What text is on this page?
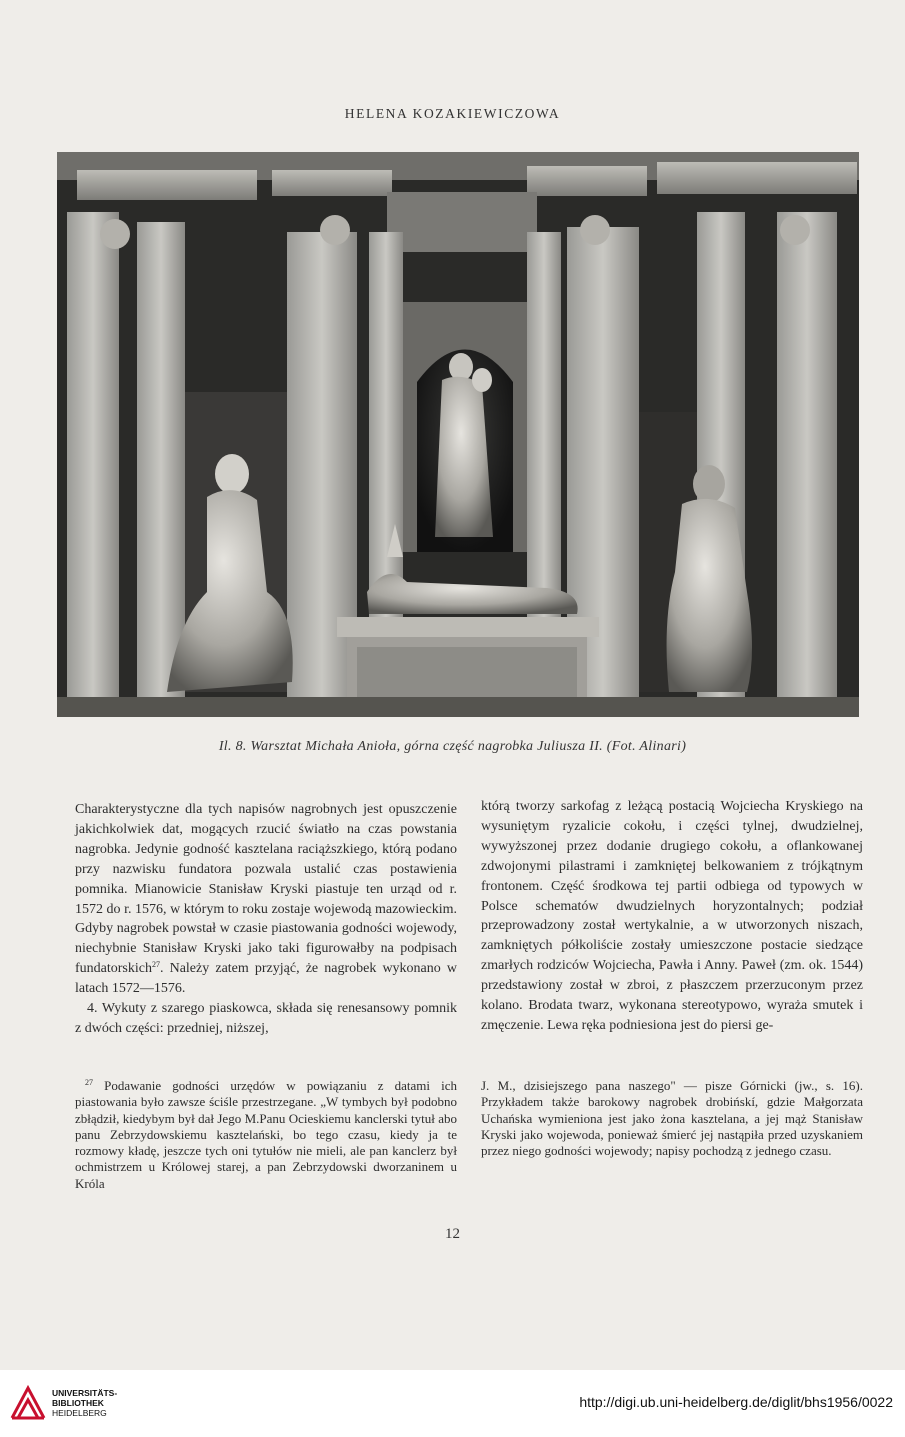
HELENA KOZAKIEWICZOWA
Il. 8. Warsztat Michała Anioła, górna część nagrobka Juliusza II. (Fot. Alinari)

Charakterystyczne dla tych napisów nagrobnych jest opuszczenie jakichkolwiek dat, mogących rzucić światło na czas powstania nagrobka. Jedynie godność kasztelana raciąższkiego, którą podano przy nazwisku fundatora pozwala ustalić czas postawienia pomnika. Mianowicie Stanisław Kryski piastuje ten urząd od r. 1572 do r. 1576, w którym to roku zostaje wojewodą mazowieckim. Gdyby nagrobek powstał w czasie piastowania godności wojewody, niechybnie Stanisław Kryski jako taki figurowałby na podpisach fundatorskich$^{27}$. Należy zatem przyjąć, że nagrobek wykonano w latach 1572—1576.

4. Wykuty z szarego piaskowca, składa się renesansowy pomnik z dwóch części: przedniej, niższej,

którą tworzy sarkofag z leżącą postacią Wojciecha Kryskiego na wysuniętym ryzalicie cokołu, i części tylnej, dwudzielnej, wywyższonej przez dodanie drugiego cokołu, a oflankowanej zdwojonymi pilastrami i zamkniętej belkowaniem z trójkątnym frontonem. Część środkowa tej partii odbiega od typowych w Polsce schematów dwudzielnych horyzontalnych; podział przeprowadzony został wertykalnie, a w utworzonych niszach, zamkniętych półkoliście zostały umieszczone postacie siedzące zmarłych rodziców Wojciecha, Pawła i Anny. Paweł (zm. ok. 1544) przedstawiony został w zbroi, z płaszczem przerzuconym przez kolano. Brodata twarz, wykonana stereotypowo, wyraża smutek i zmęczenie. Lewa ręka podniesiona jest do piersi ge-

$^{27}$ Podawanie godności urzędów w powiązaniu z datami ich piastowania było zawsze ściśle przestrzegane. „W tymbych był podobno zbłądził, kiedybym był dał Jego M.Panu Ocieskiemu kanclerski tytuł abo panu Zebrzydowskiemu kasztelański, bo tego czasu, kiedy ja te rozmowy kładę, jeszcze tych oni tytułów nie mieli, ale pan kanclerz był ochmistrzem u Królowej starej, a pan Zebrzydowski dworzaninem u Króla

J. M., dzisiejszego pana naszego" — pisze Górnicki (jw., s. 16). Przykładem także barokowy nagrobek drobińskí, gdzie Małgorzata Uchańska wymieniona jest jako żona kasztelana, a jej mąż Stanisław Kryski jako wojewoda, ponieważ śmierć jej nastąpiła przed uzyskaniem przez niego godności wojewody; napisy pochodzą z jednego czasu.

12
UNIVERSITÄTS-
BIBLIOTHEK
HEIDELBERG
http://digi.ub.uni-heidelberg.de/diglit/bhs1956/0022
